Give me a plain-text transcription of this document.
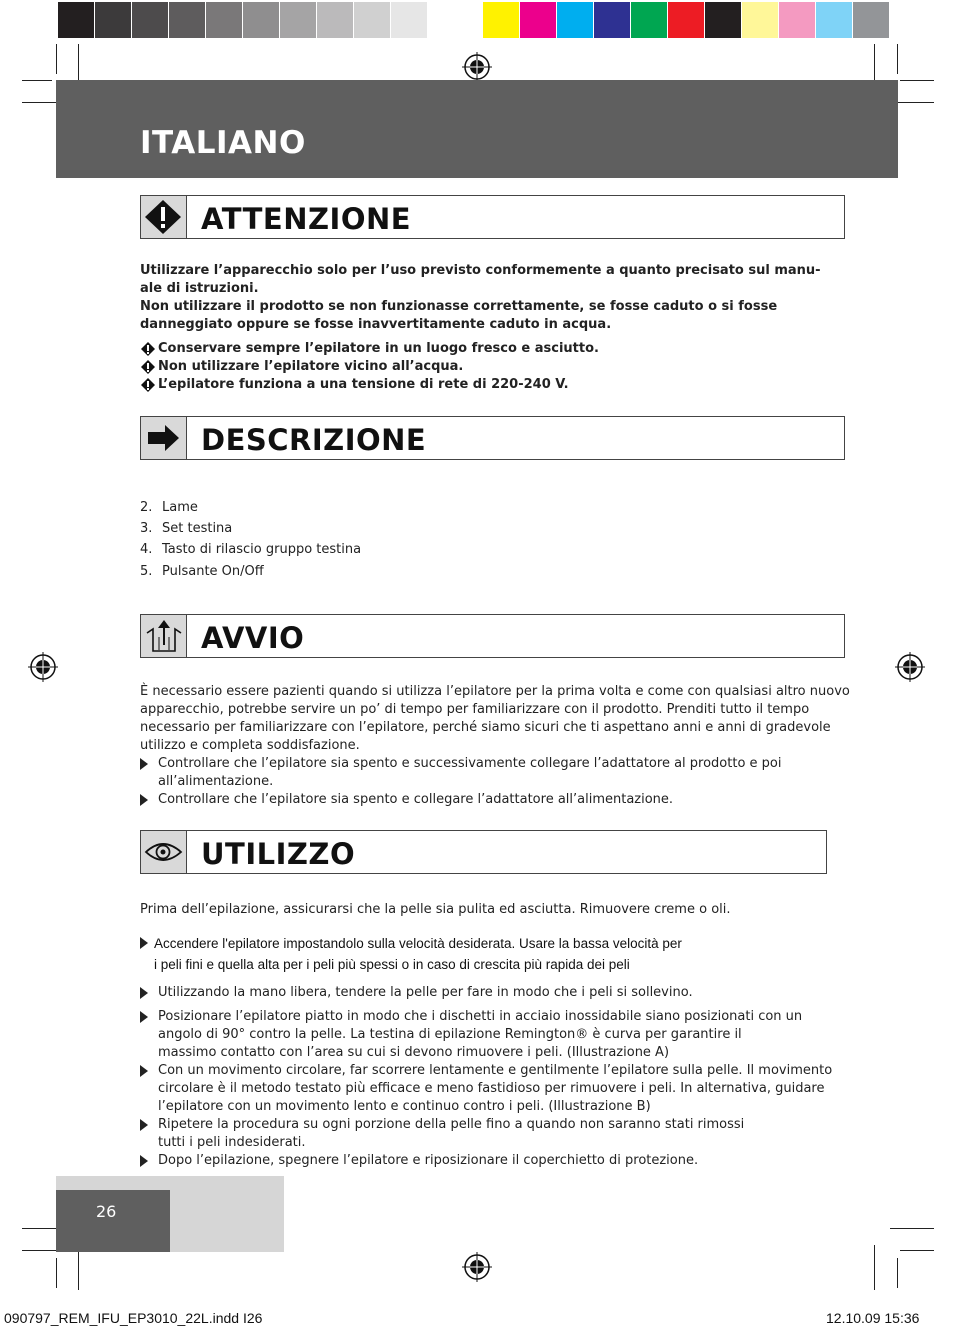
ITALIANO
ATTENZIONE
Utilizzare l’apparecchio solo per l’uso previsto conformemente a quanto precisato sul manu-
ale di istruzioni.
Non utilizzare il prodotto se non funzionasse correttamente, se fosse caduto o si fosse
danneggiato oppure se fosse inavvertitamente caduto in acqua.
Conservare sempre l’epilatore in un luogo fresco e asciutto.
Non utilizzare l’epilatore vicino all’acqua.
L’epilatore funziona a una tensione di rete di 220-240 V.
DESCRIZIONE
2. Lame
3. Set testina
4. Tasto di rilascio gruppo testina
5. Pulsante On/Off
AVVIO
È necessario essere pazienti quando si utilizza l’epilatore per la prima volta e come con qualsiasi altro nuovo
apparecchio, potrebbe servire un po’ di tempo per familiarizzare con il prodotto. Prenditi tutto il tempo
necessario per familiarizzare con l’epilatore, perché siamo sicuri che ti aspettano anni e anni di gradevole
utilizzo e completa soddisfazione.
Controllare che l’epilatore sia spento e successivamente collegare l’adattatore al prodotto e poi
all’alimentazione.
Controllare che l’epilatore sia spento e collegare l’adattatore all’alimentazione.
UTILIZZO
Prima dell’epilazione, assicurarsi che la pelle sia pulita ed asciutta. Rimuovere creme o oli.
Accendere l'epilatore impostandolo sulla velocità desiderata. Usare la bassa velocità per
i peli fini e quella alta per i peli più spessi o in caso di crescita più rapida dei peli
Utilizzando la mano libera, tendere la pelle per fare in modo che i peli si sollevino.
Posizionare l’epilatore piatto in modo che i dischetti in acciaio inossidabile siano posizionati con un
angolo di 90° contro la pelle. La testina di epilazione Remington® è curva per garantire il
massimo contatto con l’area su cui si devono rimuovere i peli. (Illustrazione A)
Con un movimento circolare, far scorrere lentamente e gentilmente l’epilatore sulla pelle. Il movimento
circolare è il metodo testato più efficace e meno fastidioso per rimuovere i peli. In alternativa, guidare
l’epilatore con un movimento lento e continuo contro i peli. (Illustrazione B)
Ripetere la procedura su ogni porzione della pelle fino a quando non saranno stati rimossi
tutti i peli indesiderati.
Dopo l’epilazione, spegnere l’epilatore e riposizionare il coperchietto di protezione.
26
090797_REM_IFU_EP3010_22L.indd I26	12.10.09 15:36
